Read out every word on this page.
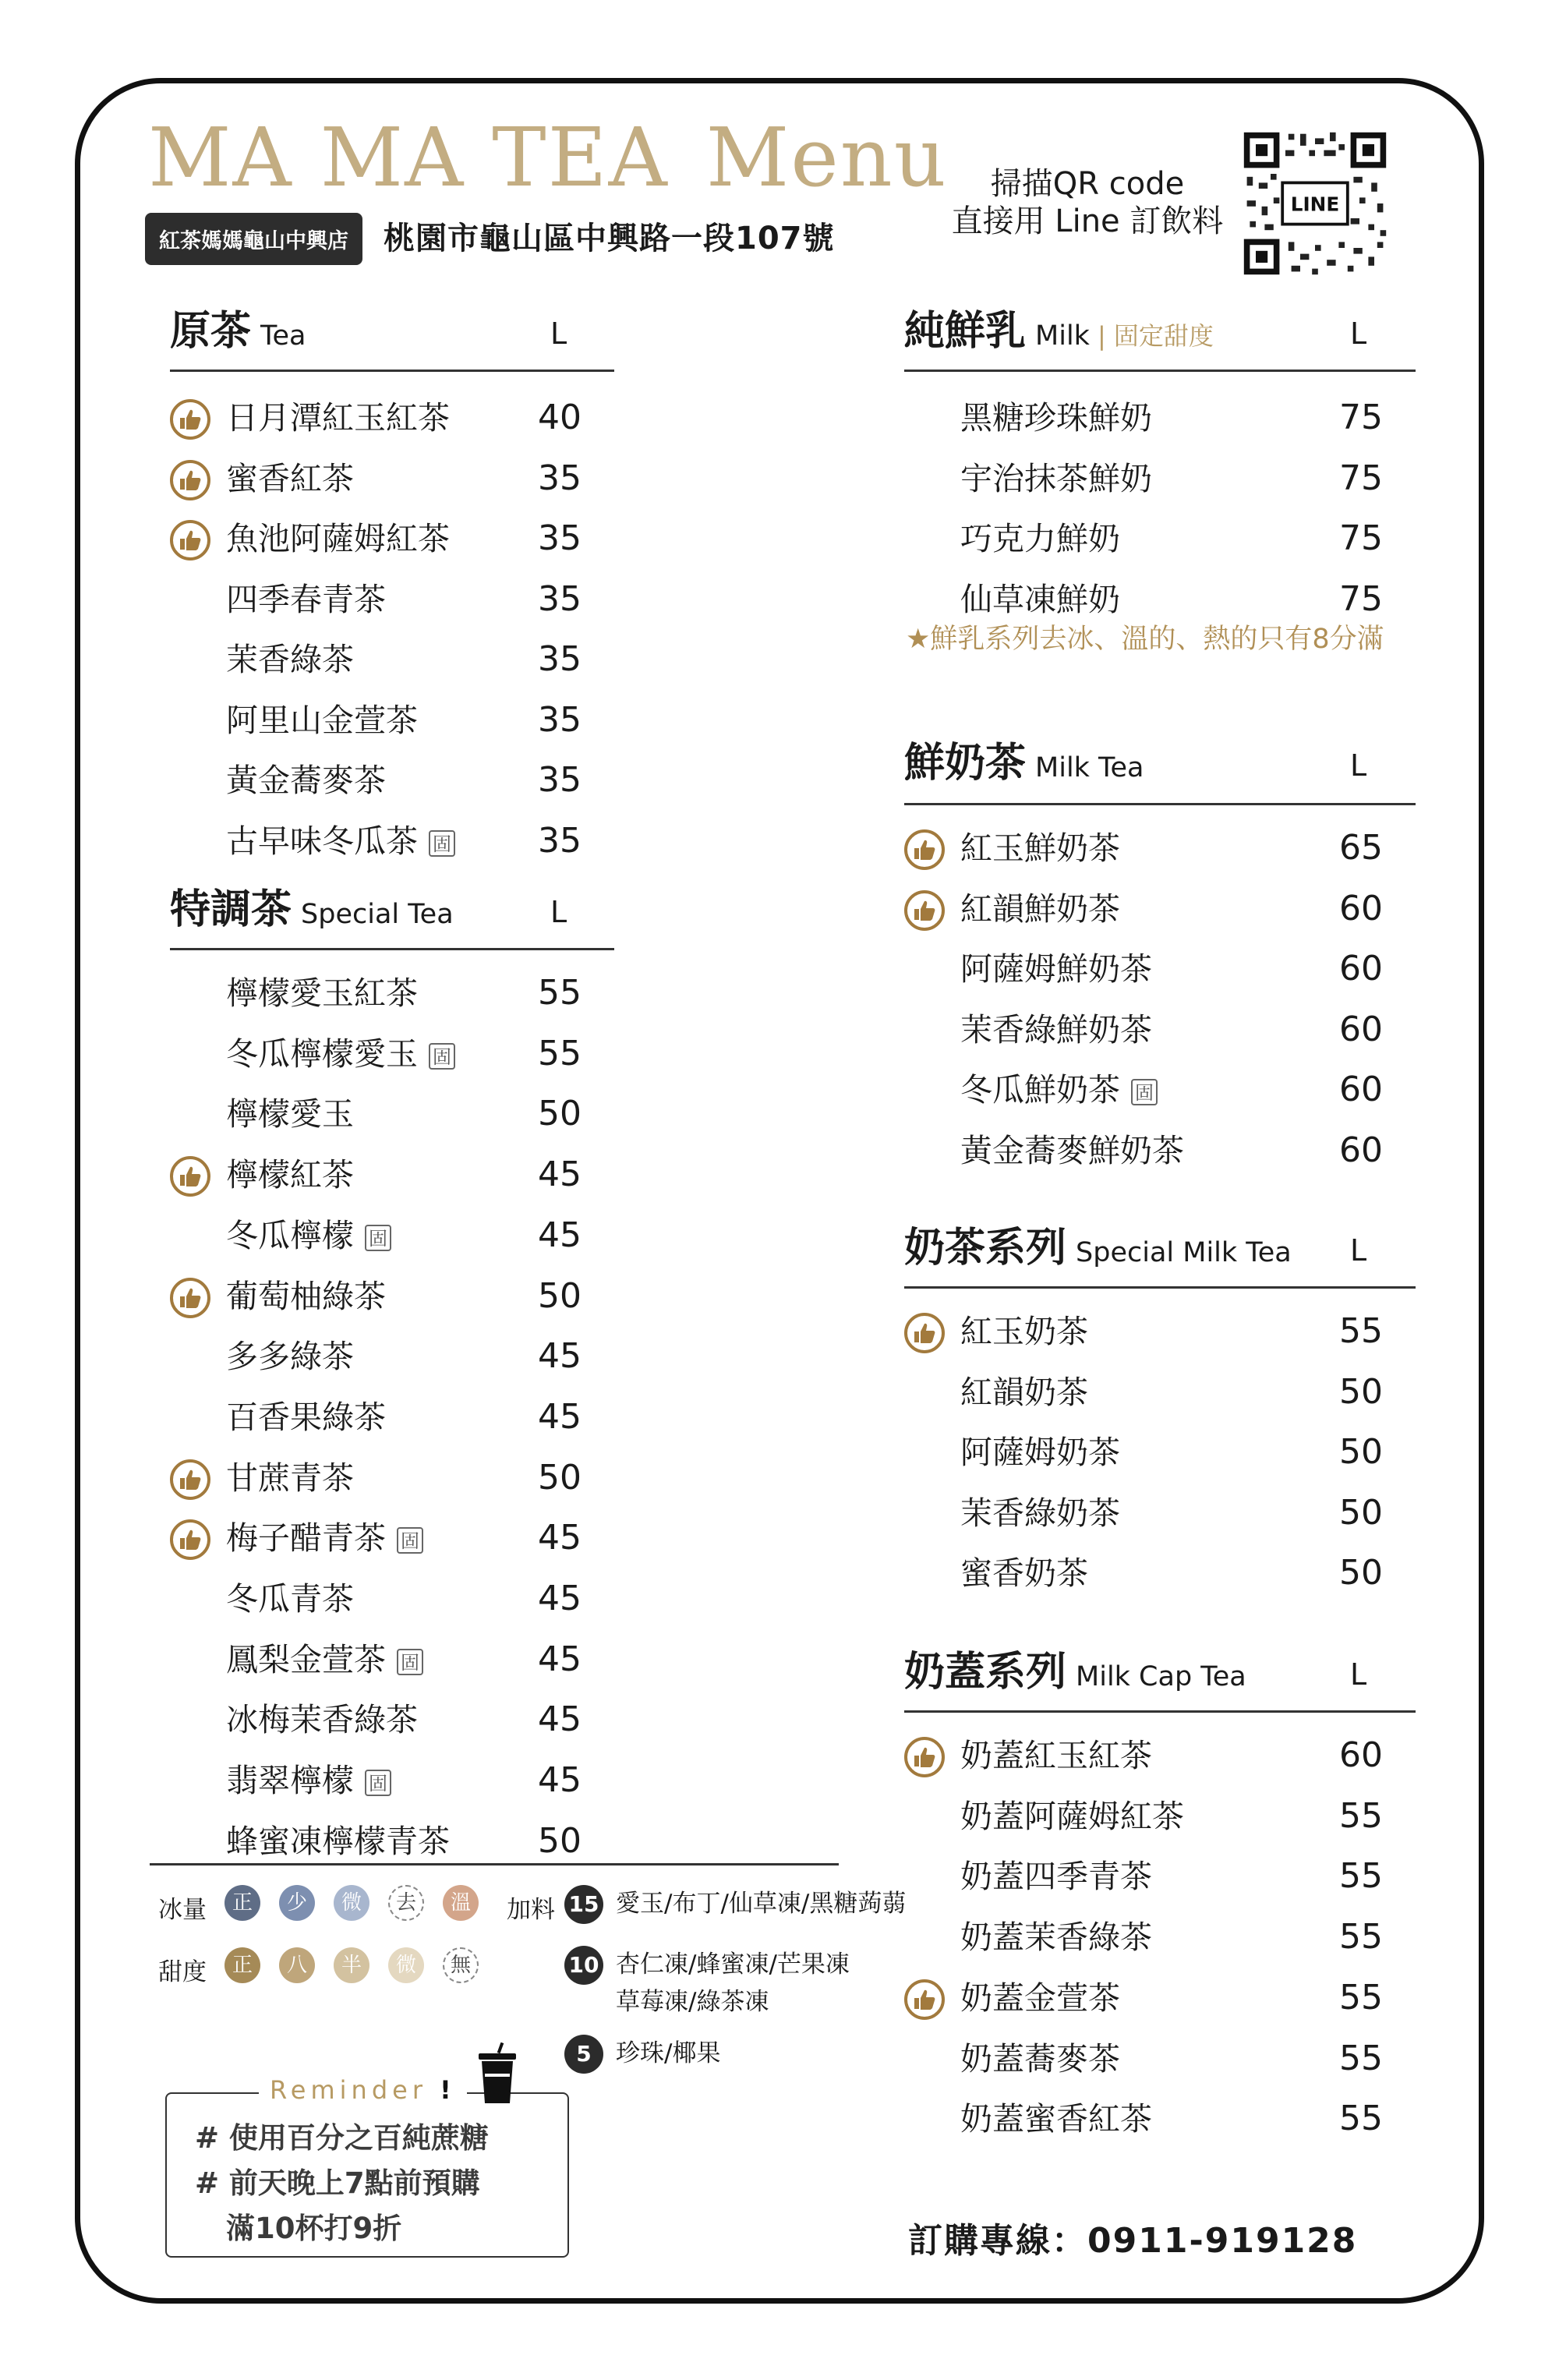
MA MA TEA Menu
紅茶媽媽龜山中興店	桃園市龜山區中興路一段107號
掃描QR code
直接用 Line 訂飲料	LINE
原茶 Tea	L
日月潭紅玉紅茶	40
蜜香紅茶	35
魚池阿薩姆紅茶	35
四季春青茶	35
茉香綠茶	35
阿里山金萱茶	35
黃金蕎麥茶	35
古早味冬瓜茶 固	35
特調茶 Special Tea	L
檸檬愛玉紅茶	55
冬瓜檸檬愛玉 固	55
檸檬愛玉	50
檸檬紅茶	45
冬瓜檸檬 固	45
葡萄柚綠茶	50
多多綠茶	45
百香果綠茶	45
甘蔗青茶	50
梅子醋青茶 固	45
冬瓜青茶	45
鳳梨金萱茶 固	45
冰梅茉香綠茶	45
翡翠檸檬 固	45
蜂蜜凍檸檬青茶	50
純鮮乳 Milk | 固定甜度	L
黑糖珍珠鮮奶	75
宇治抹茶鮮奶	75
巧克力鮮奶	75
仙草凍鮮奶	75
★鮮乳系列去冰、溫的、熱的只有8分滿
鮮奶茶 Milk Tea	L
紅玉鮮奶茶	65
紅韻鮮奶茶	60
阿薩姆鮮奶茶	60
茉香綠鮮奶茶	60
冬瓜鮮奶茶 固	60
黃金蕎麥鮮奶茶	60
奶茶系列 Special Milk Tea L
紅玉奶茶	55
紅韻奶茶	50
阿薩姆奶茶	50
茉香綠奶茶	50
蜜香奶茶	50
奶蓋系列 Milk Cap Tea	L
奶蓋紅玉紅茶	60
奶蓋阿薩姆紅茶	55
奶蓋四季青茶	55
奶蓋茉香綠茶	55
奶蓋金萱茶	55
奶蓋蕎麥茶	55
奶蓋蜜香紅茶	55
冰量	正	少	微	去	溫
甜度	正	八	半	微	無
加料 15 愛玉/布丁/仙草凍/黑糖蒟蒻
10 杏仁凍/蜂蜜凍/芒果凍
草莓凍/綠茶凍
5	珍珠/椰果
Reminder !
# 使用百分之百純蔗糖
# 前天晚上7點前預購
滿10杯打9折	訂購專線：0911-919128
